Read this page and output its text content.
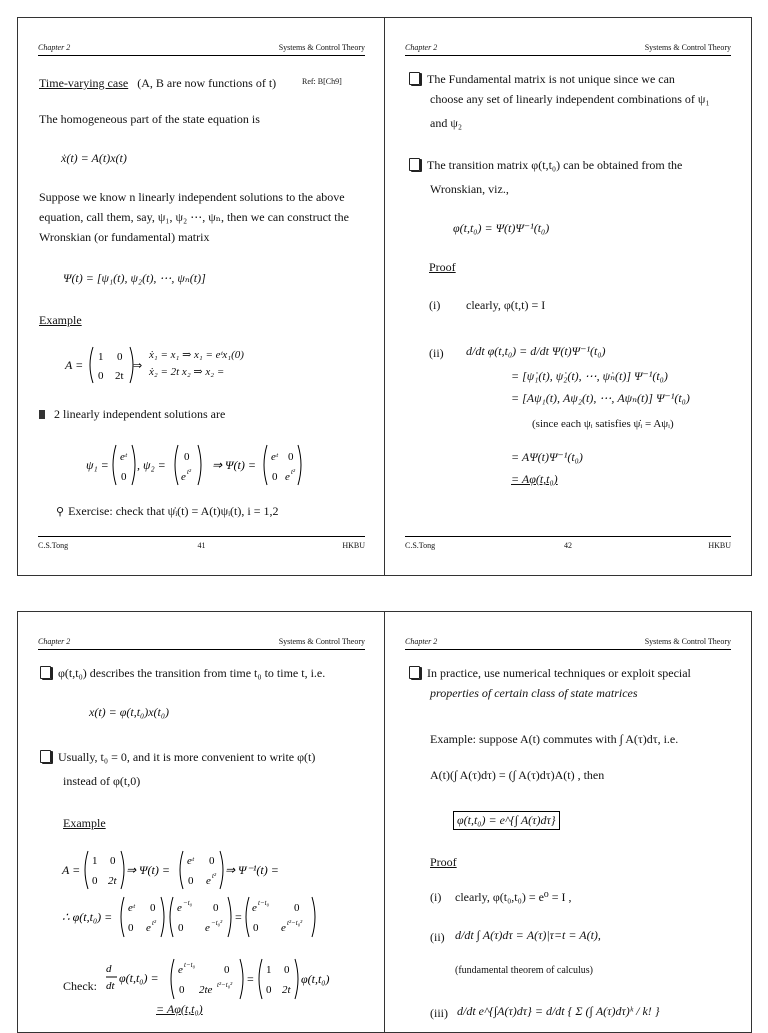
Chapter 2	Systems & Control Theory
Time-varying case (A, B are now functions of t)	Ref: B[Ch9]
The homogeneous part of the state equation is
ẋ(t) = A(t)x(t)
Suppose we know n linearly independent solutions to the above
equation, call them, say, ψ₁, ψ₂ ⋯, ψₙ, then we can construct the
Wronskian (or fundamental) matrix
Ψ(t) = [ψ₁(t), ψ₂(t), ⋯, ψₙ(t)]
Example
A =
1 0
0 2t
⇒
ẋ₁ = x₁ ⇒ x₁ = eᵗx₁(0)
ẋ₂ = 2t x₂ ⇒ x₂ =
2 linearly independent solutions are
ψ₁ =
eᵗ
0
, ψ₂ =
0
e t² ⇒ Ψ(t) =
eᵗ 0
0 e t²
⚲ Exercise: check that ψ̇ᵢ(t) = A(t)ψᵢ(t), i = 1,2
C.S.Tong	41	HKBU
Chapter 2	Systems & Control Theory
The Fundamental matrix is not unique since we can
choose any set of linearly independent combinations of ψ₁
and ψ₂
The transition matrix φ(t,t₀) can be obtained from the
Wronskian, viz.,
φ(t,t₀) = Ψ(t)Ψ⁻¹(t₀)
Proof
(i) clearly, φ(t,t) = I
(ii) d/dt φ(t,t₀) = d/dt Ψ(t)Ψ⁻¹(t₀)
= [ψ̇₁(t), ψ̇₂(t), ⋯, ψ̇ₙ(t)] Ψ⁻¹(t₀)
= [Aψ₁(t), Aψ₂(t), ⋯, Aψₙ(t)] Ψ⁻¹(t₀)
(since each ψᵢ satisfies ψ̇ᵢ = Aψᵢ)
= AΨ(t)Ψ⁻¹(t₀)
= Aφ(t,t₀)
C.S.Tong	42	HKBU
Chapter 2	Systems & Control Theory
φ(t,t₀) describes the transition from time t₀ to time t, i.e.
x(t) = φ(t,t₀)x(t₀)
Usually, t₀ = 0, and it is more convenient to write φ(t)
instead of φ(t,0)
Example
A =
1 0
0 2t
⇒ Ψ(t) =
eᵗ 0
0 e t² ⇒ Ψ⁻¹(t) =
∴ φ(t,t₀) =
eᵗ 0
0 e t²
e −t₀ 0
0 e −t₀² =
e t−t₀ 0
0 e t²−t₀²
Check:
d
dt
φ(t,t₀) =
e t−t₀	0
0 2te t²−t₀² =
1 0
0 2t
φ(t,t₀)
= Aφ(t,t₀)
Chapter 2	Systems & Control Theory
In practice, use numerical techniques or exploit special
properties of certain class of state matrices
Example: suppose A(t) commutes with ∫ A(τ)dτ, i.e.
A(t)(∫ A(τ)dτ) = (∫ A(τ)dτ)A(t) , then
φ(t,t₀) = e^{∫ A(τ)dτ}
Proof
(i) clearly, φ(t₀,t₀) = e⁰ = I ,
(ii) d/dt ∫ A(τ)dτ = A(τ)|τ=t = A(t),
(fundamental theorem of calculus)
(iii) d/dt e^{∫A(τ)dτ} = d/dt { Σ (∫ A(τ)dτ)ᵏ / k! }
